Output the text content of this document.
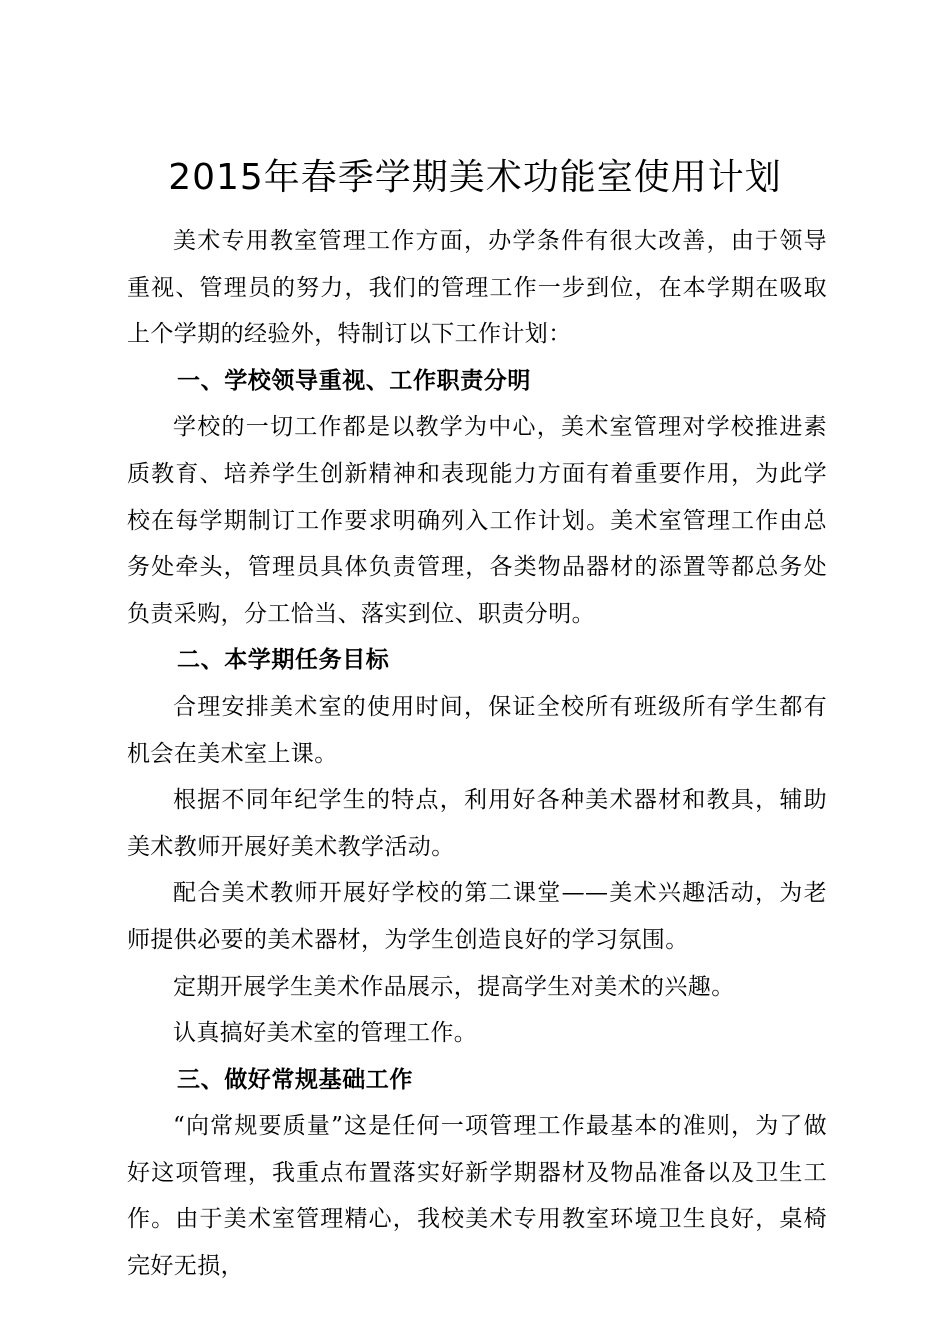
2015年春季学期美术功能室使用计划

美术专用教室管理工作方面，办学条件有很大改善，由于领导重视、管理员的努力，我们的管理工作一步到位，在本学期在吸取上个学期的经验外，特制订以下工作计划：

一、学校领导重视、工作职责分明

学校的一切工作都是以教学为中心，美术室管理对学校推进素质教育、培养学生创新精神和表现能力方面有着重要作用，为此学校在每学期制订工作要求明确列入工作计划。美术室管理工作由总务处牵头，管理员具体负责管理，各类物品器材的添置等都总务处负责采购，分工恰当、落实到位、职责分明。

二、本学期任务目标

合理安排美术室的使用时间，保证全校所有班级所有学生都有机会在美术室上课。

根据不同年纪学生的特点，利用好各种美术器材和教具，辅助美术教师开展好美术教学活动。

配合美术教师开展好学校的第二课堂——美术兴趣活动，为老师提供必要的美术器材，为学生创造良好的学习氛围。

定期开展学生美术作品展示，提高学生对美术的兴趣。

认真搞好美术室的管理工作。

三、做好常规基础工作

“向常规要质量”这是任何一项管理工作最基本的准则，为了做好这项管理，我重点布置落实好新学期器材及物品准备以及卫生工作。由于美术室管理精心，我校美术专用教室环境卫生良好，桌椅完好无损，
